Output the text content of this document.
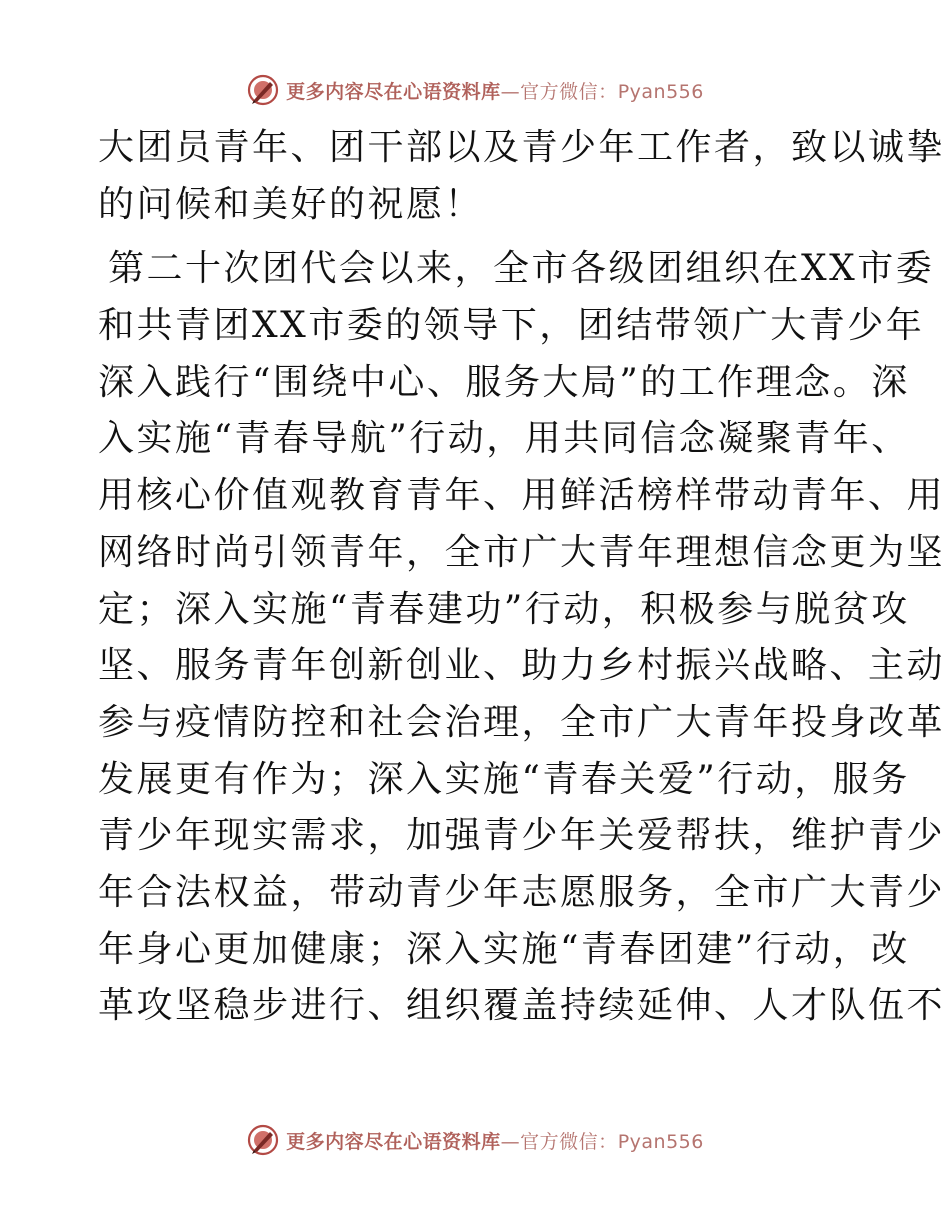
更多内容尽在心语资料库—官方微信：Pyan556
大团员青年、团干部以及青少年工作者，致以诚挚
的问候和美好的祝愿！
第二十次团代会以来，全市各级团组织在XX市委
和共青团XX市委的领导下，团结带领广大青少年
深入践行“围绕中心、服务大局”的工作理念。深
入实施“青春导航”行动，用共同信念凝聚青年、
用核心价值观教育青年、用鲜活榜样带动青年、用
网络时尚引领青年，全市广大青年理想信念更为坚
定；深入实施“青春建功”行动，积极参与脱贫攻
坚、服务青年创新创业、助力乡村振兴战略、主动
参与疫情防控和社会治理，全市广大青年投身改革
发展更有作为；深入实施“青春关爱”行动，服务
青少年现实需求，加强青少年关爱帮扶，维护青少
年合法权益，带动青少年志愿服务，全市广大青少
年身心更加健康；深入实施“青春团建”行动，改
革攻坚稳步进行、组织覆盖持续延伸、人才队伍不
更多内容尽在心语资料库—官方微信：Pyan556
